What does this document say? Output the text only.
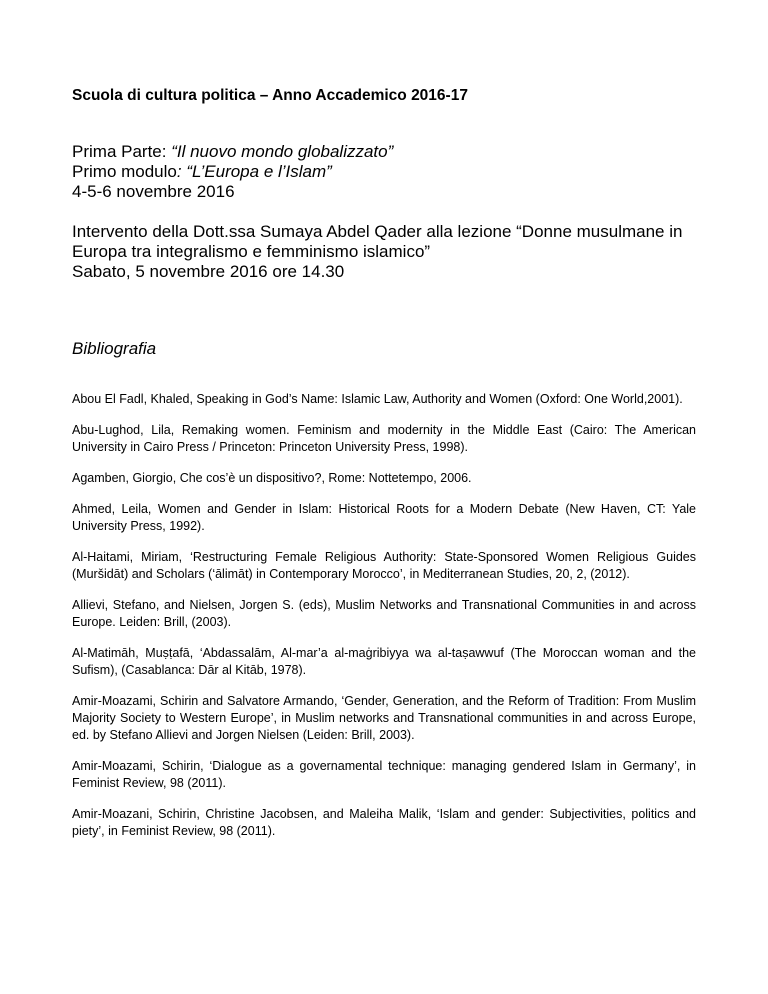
Scuola di cultura politica – Anno Accademico 2016-17

Prima Parte: “Il nuovo mondo globalizzato”
Primo modulo: “L’Europa e l’Islam”
4-5-6 novembre 2016
Intervento della Dott.ssa Sumaya Abdel Qader alla lezione “Donne musulmane in
Europa tra integralismo e femminismo islamico”
Sabato, 5 novembre 2016 ore 14.30
Bibliografia

Abou El Fadl, Khaled, Speaking in God’s Name: Islamic Law, Authority and Women (Oxford: One World,2001).

Abu-Lughod, Lila, Remaking women. Feminism and modernity in the Middle East (Cairo: The American University in Cairo Press / Princeton: Princeton University Press, 1998).

Agamben, Giorgio, Che cos’è un dispositivo?, Rome: Nottetempo, 2006.

Ahmed, Leila, Women and Gender in Islam: Historical Roots for a Modern Debate (New Haven, CT: Yale University Press, 1992).

Al-Haitami, Miriam, ‘Restructuring Female Religious Authority: State-Sponsored Women Religious Guides (Muršidāt) and Scholars (‘ālimāt) in Contemporary Morocco’, in Mediterranean Studies, 20, 2, (2012).

Allievi, Stefano, and Nielsen, Jorgen S. (eds), Muslim Networks and Transnational Communities in and across Europe. Leiden: Brill, (2003).

Al-Matimāh, Muṣṭafā, ‘Abdassalām, Al-mar’a al-maġribiyya wa al-taṣawwuf (The Moroccan woman and the Sufism), (Casablanca: Dār al Kitāb, 1978).

Amir-Moazami, Schirin and Salvatore Armando, ‘Gender, Generation, and the Reform of Tradition: From Muslim Majority Society to Western Europe’, in Muslim networks and Transnational communities in and across Europe, ed. by Stefano Allievi and Jorgen Nielsen (Leiden: Brill, 2003).

Amir-Moazami, Schirin, ‘Dialogue as a governamental technique: managing gendered Islam in Germany’, in Feminist Review, 98 (2011).

Amir-Moazani, Schirin, Christine Jacobsen, and Maleiha Malik, ‘Islam and gender: Subjectivities, politics and piety’, in Feminist Review, 98 (2011).
